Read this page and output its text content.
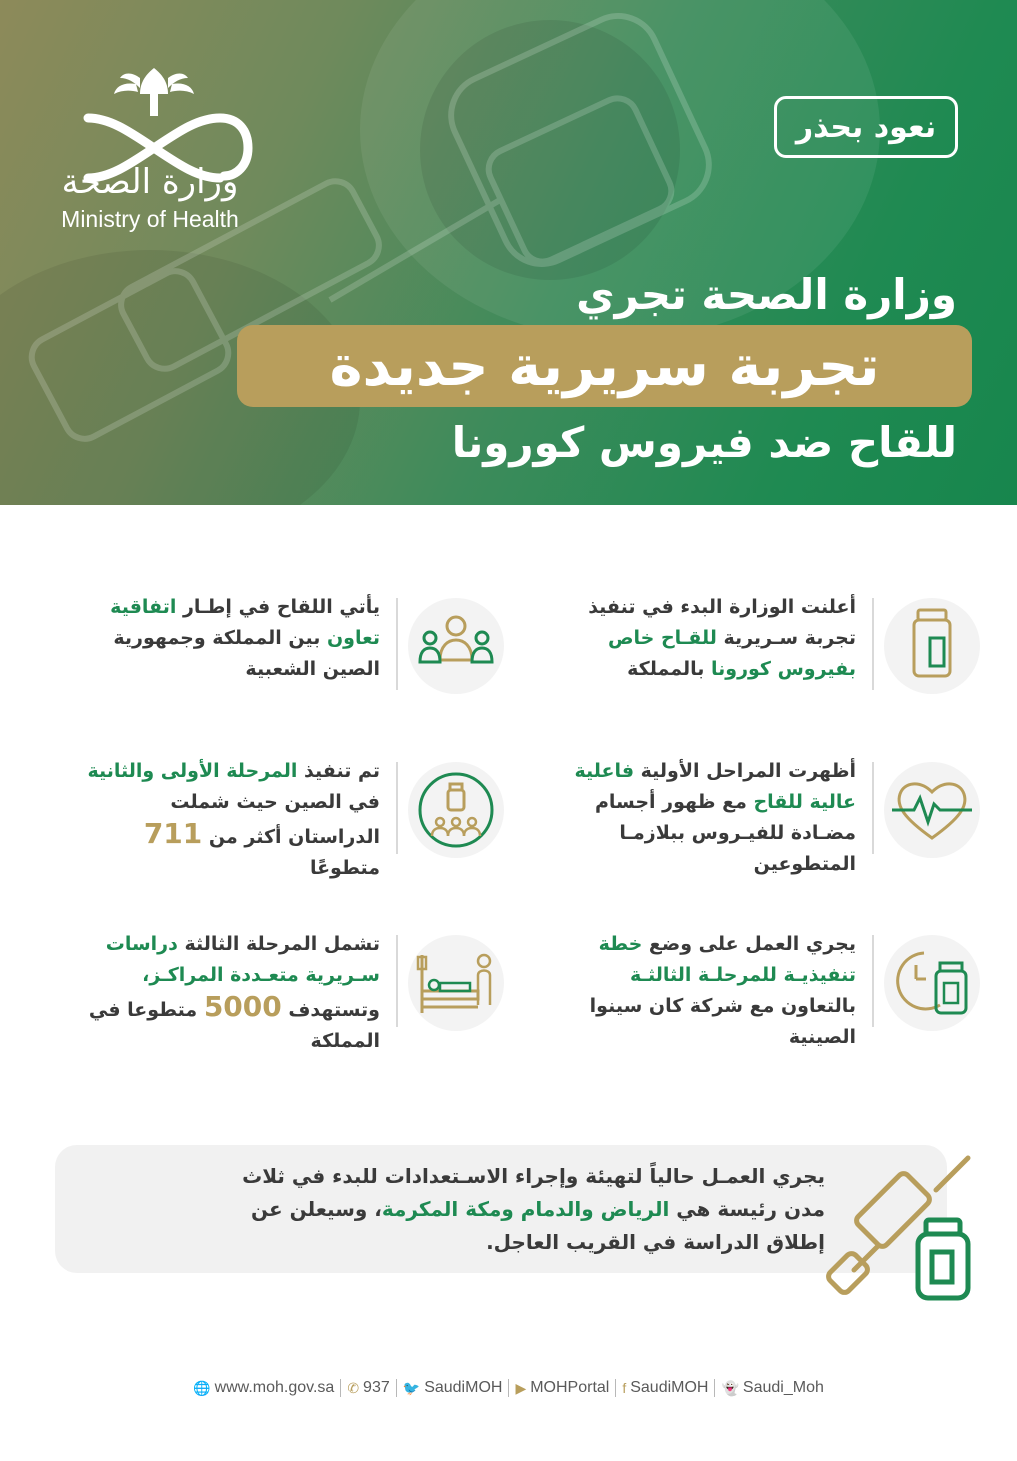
وزارة الصحة
Ministry of Health
نعود بحذر
وزارة الصحة تجري
تجربة سريرية جديدة
للقاح ضد فيروس كورونا
أعلنت الوزارة البدء في تنفيذ تجربة سـريرية للقـاح خاص بفيروس كورونا بالمملكة
يأتي اللقاح في إطـار اتفاقية تعاون بين المملكة وجمهورية الصين الشعبية
أظهرت المراحل الأولية فاعلية عالية للقاح مع ظهور أجسام مضـادة للفيـروس ببلازمـا المتطوعين
تم تنفيذ المرحلة الأولى والثانية في الصين حيث شملت الدراستان أكثر من 711 متطوعًا
يجري العمل على وضع خطة تنفيذيـة للمرحلـة الثالثـة بالتعاون مع شركة كان سينوا الصينية
تشمل المرحلة الثالثة دراسات سـريرية متعـددة المراكـز، وتستهدف 5000 متطوعا في المملكة
يجري العمـل حالياً لتهيئة وإجراء الاسـتعدادات للبدء في ثلاث مدن رئيسة هي الرياض والدمام ومكة المكرمة، وسيعلن عن إطلاق الدراسة في القريب العاجل.
🌐 www.moh.gov.sa ✆ 937 🐦 SaudiMOH ▶ MOHPortal f SaudiMOH 👻 Saudi_Moh
